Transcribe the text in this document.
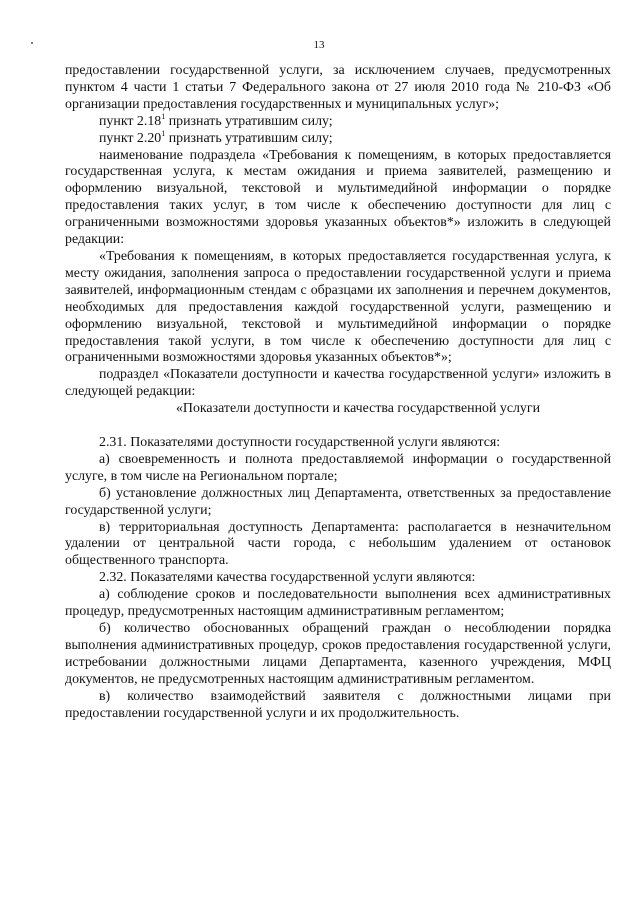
13

предоставлении государственной услуги, за исключением случаев, предусмотренных пунктом 4 части 1 статьи 7 Федерального закона от 27 июля 2010 года № 210-ФЗ «Об организации предоставления государственных и муниципальных услуг»;

пункт 2.18$^1$ признать утратившим силу;

пункт 2.20$^1$ признать утратившим силу;

наименование подраздела «Требования к помещениям, в которых предоставляется государственная услуга, к местам ожидания и приема заявителей, размещению и оформлению визуальной, текстовой и мультимедийной информации о порядке предоставления таких услуг, в том числе к обеспечению доступности для лиц с ограниченными возможностями здоровья указанных объектов*» изложить в следующей редакции:

«Требования к помещениям, в которых предоставляется государственная услуга, к месту ожидания, заполнения запроса о предоставлении государственной услуги и приема заявителей, информационным стендам с образцами их заполнения и перечнем документов, необходимых для предоставления каждой государственной услуги, размещению и оформлению визуальной, текстовой и мультимедийной информации о порядке предоставления такой услуги, в том числе к обеспечению доступности для лиц с ограниченными возможностями здоровья указанных объектов*»;

подраздел «Показатели доступности и качества государственной услуги» изложить в следующей редакции:

«Показатели доступности и качества государственной услуги

2.31. Показателями доступности государственной услуги являются:

а) своевременность и полнота предоставляемой информации о государственной услуге, в том числе на Региональном портале;

б) установление должностных лиц Департамента, ответственных за предоставление государственной услуги;

в) территориальная доступность Департамента: располагается в незначительном удалении от центральной части города, с небольшим удалением от остановок общественного транспорта.

2.32. Показателями качества государственной услуги являются:

а) соблюдение сроков и последовательности выполнения всех административных процедур, предусмотренных настоящим административным регламентом;

б) количество обоснованных обращений граждан о несоблюдении порядка выполнения административных процедур, сроков предоставления государственной услуги, истребовании должностными лицами Департамента, казенного учреждения, МФЦ документов, не предусмотренных настоящим административным регламентом.

в) количество взаимодействий заявителя с должностными лицами при предоставлении государственной услуги и их продолжительность.
